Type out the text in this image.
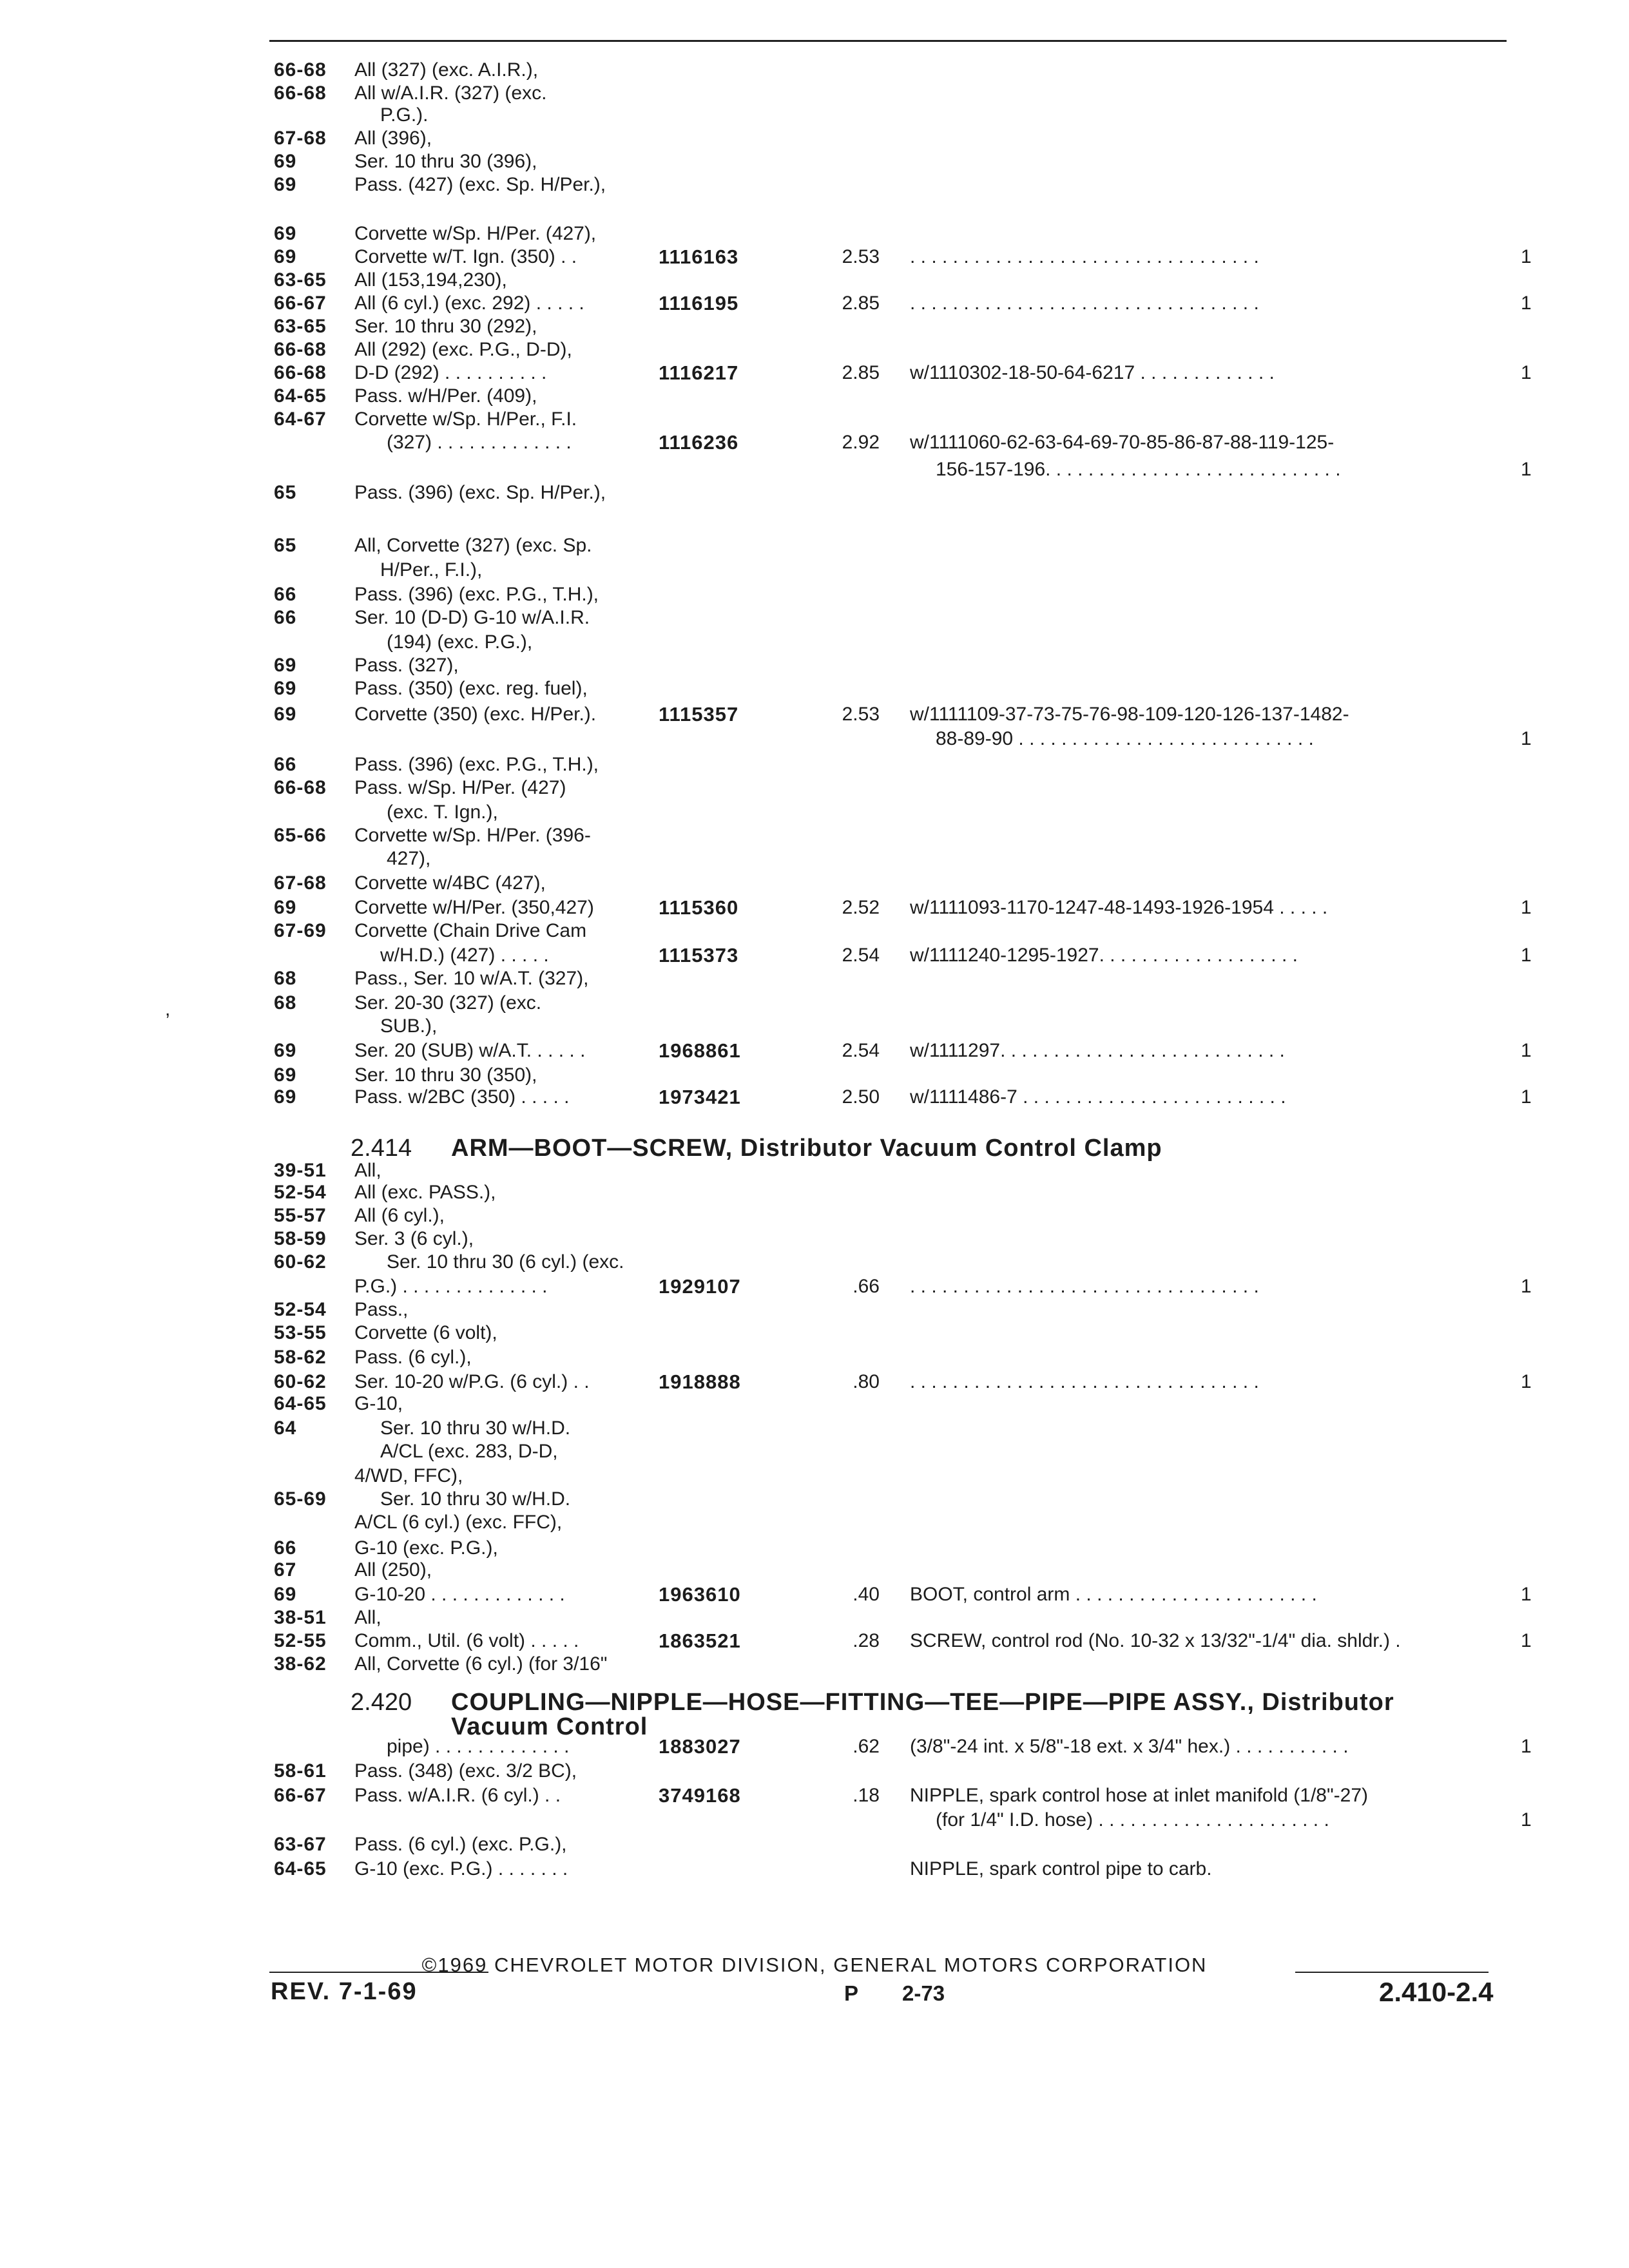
66-68 All (327) (exc. A.I.R.),
66-68 All w/A.I.R. (327) (exc.
P.G.).
67-68 All (396),
69	Ser. 10 thru 30 (396),
69	Pass. (427) (exc. Sp. H/Per.),
69	Corvette w/Sp. H/Per. (427),
69	Corvette w/T. Ign. (350) . .	1116163	2.53 . . . . . . . . . . . . . . . . . . . . . . . . . . . . . . . . .	1
63-65 All (153,194,230),
66-67 All (6 cyl.) (exc. 292) . . . . .	1116195	2.85 . . . . . . . . . . . . . . . . . . . . . . . . . . . . . . . . .	1
63-65 Ser. 10 thru 30 (292),
66-68 All (292) (exc. P.G., D-D),
66-68 D-D (292) . . . . . . . . . .	1116217	2.85 w/1110302-18-50-64-6217 . . . . . . . . . . . . .	1
64-65 Pass. w/H/Per. (409),
64-67 Corvette w/Sp. H/Per., F.I.
(327) . . . . . . . . . . . . .	1116236	2.92 w/1111060-62-63-64-69-70-85-86-87-88-119-125-
156-157-196. . . . . . . . . . . . . . . . . . . . . . . . . . . .	1
65	Pass. (396) (exc. Sp. H/Per.),
65	All, Corvette (327) (exc. Sp.
H/Per., F.I.),
66	Pass. (396) (exc. P.G., T.H.),
66	Ser. 10 (D-D) G-10 w/A.I.R.
(194) (exc. P.G.),
69	Pass. (327),
69	Pass. (350) (exc. reg. fuel),
69	Corvette (350) (exc. H/Per.).	1115357	2.53 w/1111109-37-73-75-76-98-109-120-126-137-1482-
88-89-90 . . . . . . . . . . . . . . . . . . . . . . . . . . . .	1
66	Pass. (396) (exc. P.G., T.H.),
66-68 Pass. w/Sp. H/Per. (427)
(exc. T. Ign.),
65-66 Corvette w/Sp. H/Per. (396-
427),
67-68 Corvette w/4BC (427),
69	Corvette w/H/Per. (350,427)	1115360	2.52 w/1111093-1170-1247-48-1493-1926-1954 . . . . .	1
67-69 Corvette (Chain Drive Cam
w/H.D.) (427) . . . . .	1115373	2.54 w/1111240-1295-1927. . . . . . . . . . . . . . . . . . .	1
68	Pass., Ser. 10 w/A.T. (327),
68	Ser. 20-30 (327) (exc.
SUB.),
69	Ser. 20 (SUB) w/A.T. . . . . .	1968861	2.54 w/1111297. . . . . . . . . . . . . . . . . . . . . . . . . . .	1
69	Ser. 10 thru 30 (350),
69	Pass. w/2BC (350) . . . . .	1973421	2.50 w/1111486-7 . . . . . . . . . . . . . . . . . . . . . . . . .	1
39-51 All,
52-54 All (exc. PASS.),
55-57 All (6 cyl.),
58-59 Ser. 3 (6 cyl.),
60-62	Ser. 10 thru 30 (6 cyl.) (exc.
P.G.) . . . . . . . . . . . . . .	1929107	.66 . . . . . . . . . . . . . . . . . . . . . . . . . . . . . . . . .	1
52-54 Pass.,
53-55 Corvette (6 volt),
58-62 Pass. (6 cyl.),
60-62 Ser. 10-20 w/P.G. (6 cyl.) . .	1918888	.80 . . . . . . . . . . . . . . . . . . . . . . . . . . . . . . . . .	1
64-65 G-10,
64	Ser. 10 thru 30 w/H.D.
A/CL (exc. 283, D-D,
4/WD, FFC),
65-69	Ser. 10 thru 30 w/H.D.
A/CL (6 cyl.) (exc. FFC),
66	G-10 (exc. P.G.),
67	All (250),
69	G-10-20 . . . . . . . . . . . . .	1963610	.40 BOOT, control arm . . . . . . . . . . . . . . . . . . . . . . .	1
38-51 All,
52-55 Comm., Util. (6 volt) . . . . .	1863521	.28 SCREW, control rod (No. 10-32 x 13/32"-1/4" dia. shldr.) .	1
38-62 All, Corvette (6 cyl.) (for 3/16"
pipe) . . . . . . . . . . . . .	1883027	.62 (3/8"-24 int. x 5/8"-18 ext. x 3/4" hex.) . . . . . . . . . . .	1
58-61 Pass. (348) (exc. 3/2 BC),
66-67 Pass. w/A.I.R. (6 cyl.) . .	3749168	.18 NIPPLE, spark control hose at inlet manifold (1/8"-27)
(for 1/4" I.D. hose) . . . . . . . . . . . . . . . . . . . . . .	1
63-67 Pass. (6 cyl.) (exc. P.G.),
64-65 G-10 (exc. P.G.) . . . . . . .	NIPPLE, spark control pipe to carb.
2.414 ARM—BOOT—SCREW, Distributor Vacuum Control Clamp
2.420 COUPLING—NIPPLE—HOSE—FITTING—TEE—PIPE—PIPE ASSY., Distributor
Vacuum Control
©1969 CHEVROLET MOTOR DIVISION, GENERAL MOTORS CORPORATION
REV. 7-1-69	P 2-73	2.410-2.4
,
